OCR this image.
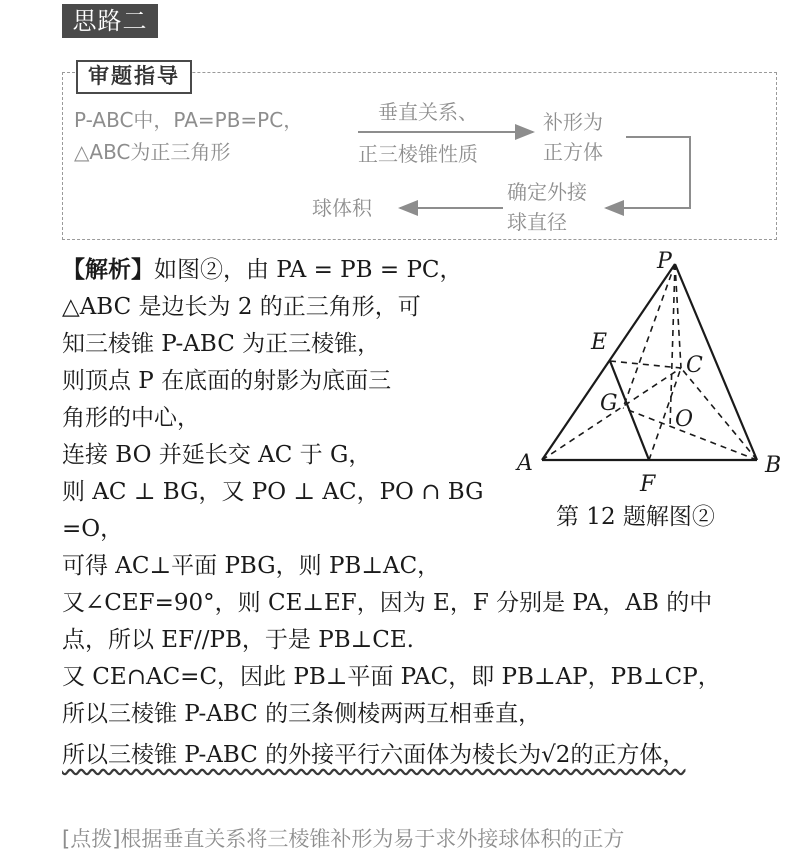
思路二
审题指导
P-ABC中，PA=PB=PC，
△ABC为正三角形
垂直关系、
正三棱锥性质
补形为
正方体
确定外接
球直径
球体积
【解析】如图②，由 PA = PB = PC，
△ABC 是边长为 2 的正三角形，可
知三棱锥 P-ABC 为正三棱锥，
则顶点 P 在底面的射影为底面三
角形的中心，
连接 BO 并延长交 AC 于 G，
则 AC ⊥ BG，又 PO ⊥ AC，PO ∩ BG
=O，
可得 AC⊥平面 PBG，则 PB⊥AC，
又∠CEF=90°，则 CE⊥EF，因为 E，F 分别是 PA，AB 的中
点，所以 EF//PB，于是 PB⊥CE.
又 CE∩AC=C，因此 PB⊥平面 PAC，即 PB⊥AP，PB⊥CP，
所以三棱锥 P-ABC 的三条侧棱两两互相垂直，
所以三棱锥 P-ABC 的外接平行六面体为棱长为√2的正方体，
[点拨]根据垂直关系将三棱锥补形为易于求外接球体积的正方
P
E
C
G
O
A	B
F
第 12 题解图②
